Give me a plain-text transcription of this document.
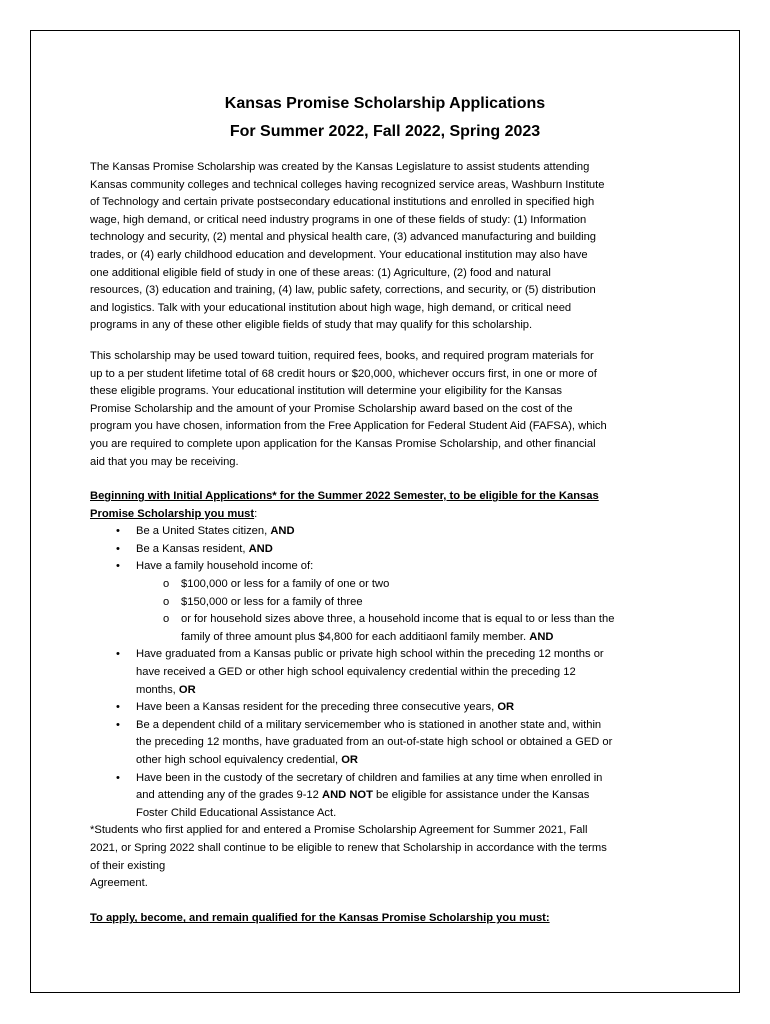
Kansas Promise Scholarship Applications
For Summer 2022, Fall 2022, Spring 2023
The Kansas Promise Scholarship was created by the Kansas Legislature to assist students attending
Kansas community colleges and technical colleges having recognized service areas, Washburn Institute
of Technology and certain private postsecondary educational institutions and enrolled in specified high
wage, high demand, or critical need industry programs in one of these fields of study: (1) Information
technology and security, (2) mental and physical health care, (3) advanced manufacturing and building
trades, or (4) early childhood education and development. Your educational institution may also have
one additional eligible field of study in one of these areas: (1) Agriculture, (2) food and natural
resources, (3) education and training, (4) law, public safety, corrections, and security, or (5) distribution
and logistics. Talk with your educational institution about high wage, high demand, or critical need
programs in any of these other eligible fields of study that may qualify for this scholarship.
This scholarship may be used toward tuition, required fees, books, and required program materials for
up to a per student lifetime total of 68 credit hours or $20,000, whichever occurs first, in one or more of
these eligible programs. Your educational institution will determine your eligibility for the Kansas
Promise Scholarship and the amount of your Promise Scholarship award based on the cost of the
program you have chosen, information from the Free Application for Federal Student Aid (FAFSA), which
you are required to complete upon application for the Kansas Promise Scholarship, and other financial
aid that you may be receiving.
Beginning with Initial Applications* for the Summer 2022 Semester, to be eligible for the Kansas
Promise Scholarship you must:
• Be a United States citizen, AND
• Be a Kansas resident, AND
• Have a family household income of:
o $100,000 or less for a family of one or two
o $150,000 or less for a family of three
o or for household sizes above three, a household income that is equal to or less than the
family of three amount plus $4,800 for each additiaonl family member. AND
• Have graduated from a Kansas public or private high school within the preceding 12 months or
have received a GED or other high school equivalency credential within the preceding 12
months, OR
• Have been a Kansas resident for the preceding three consecutive years, OR
• Be a dependent child of a military servicemember who is stationed in another state and, within
the preceding 12 months, have graduated from an out-of-state high school or obtained a GED or
other high school equivalency credential, OR
• Have been in the custody of the secretary of children and families at any time when enrolled in
and attending any of the grades 9-12 AND NOT be eligible for assistance under the Kansas
Foster Child Educational Assistance Act.
*Students who first applied for and entered a Promise Scholarship Agreement for Summer 2021, Fall
2021, or Spring 2022 shall continue to be eligible to renew that Scholarship in accordance with the terms
of their existing
Agreement.
To apply, become, and remain qualified for the Kansas Promise Scholarship you must:
